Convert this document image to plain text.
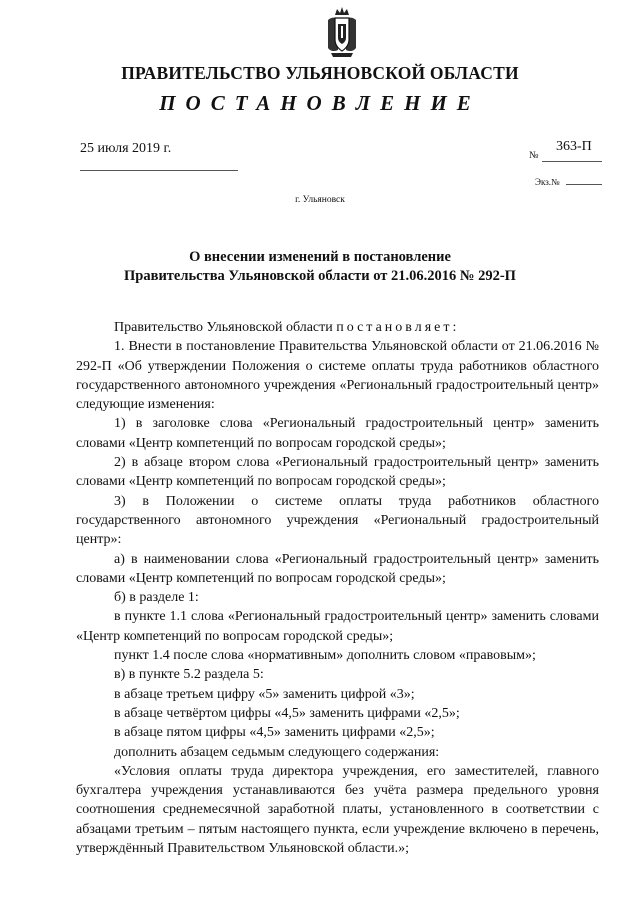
ПРАВИТЕЛЬСТВО УЛЬЯНОВСКОЙ ОБЛАСТИ
ПОСТАНОВЛЕНИЕ
25 июля 2019 г.	№
363-П
Экз.№
г. Ульяновск
О внесении изменений в постановление
Правительства Ульяновской области от 21.06.2016 № 292-П

Правительство Ульяновской области постановляет:

1. Внести в постановление Правительства Ульяновской области от 21.06.2016 № 292-П «Об утверждении Положения о системе оплаты труда работников областного государственного автономного учреждения «Региональный градостроительный центр» следующие изменения:

1) в заголовке слова «Региональный градостроительный центр» заменить словами «Центр компетенций по вопросам городской среды»;

2) в абзаце втором слова «Региональный градостроительный центр» заменить словами «Центр компетенций по вопросам городской среды»;

3) в Положении о системе оплаты труда работников областного государственного автономного учреждения «Региональный градостроительный центр»:

а) в наименовании слова «Региональный градостроительный центр» заменить словами «Центр компетенций по вопросам городской среды»;

б) в разделе 1:

в пункте 1.1 слова «Региональный градостроительный центр» заменить словами «Центр компетенций по вопросам городской среды»;

пункт 1.4 после слова «нормативным» дополнить словом «правовым»;

в) в пункте 5.2 раздела 5:

в абзаце третьем цифру «5» заменить цифрой «3»;

в абзаце четвёртом цифры «4,5» заменить цифрами «2,5»;

в абзаце пятом цифры «4,5» заменить цифрами «2,5»;

дополнить абзацем седьмым следующего содержания:

«Условия оплаты труда директора учреждения, его заместителей, главного бухгалтера учреждения устанавливаются без учёта размера предельного уровня соотношения среднемесячной заработной платы, установленного в соответствии с абзацами третьим – пятым настоящего пункта, если учреждение включено в перечень, утверждённый Правительством Ульяновской области.»;
